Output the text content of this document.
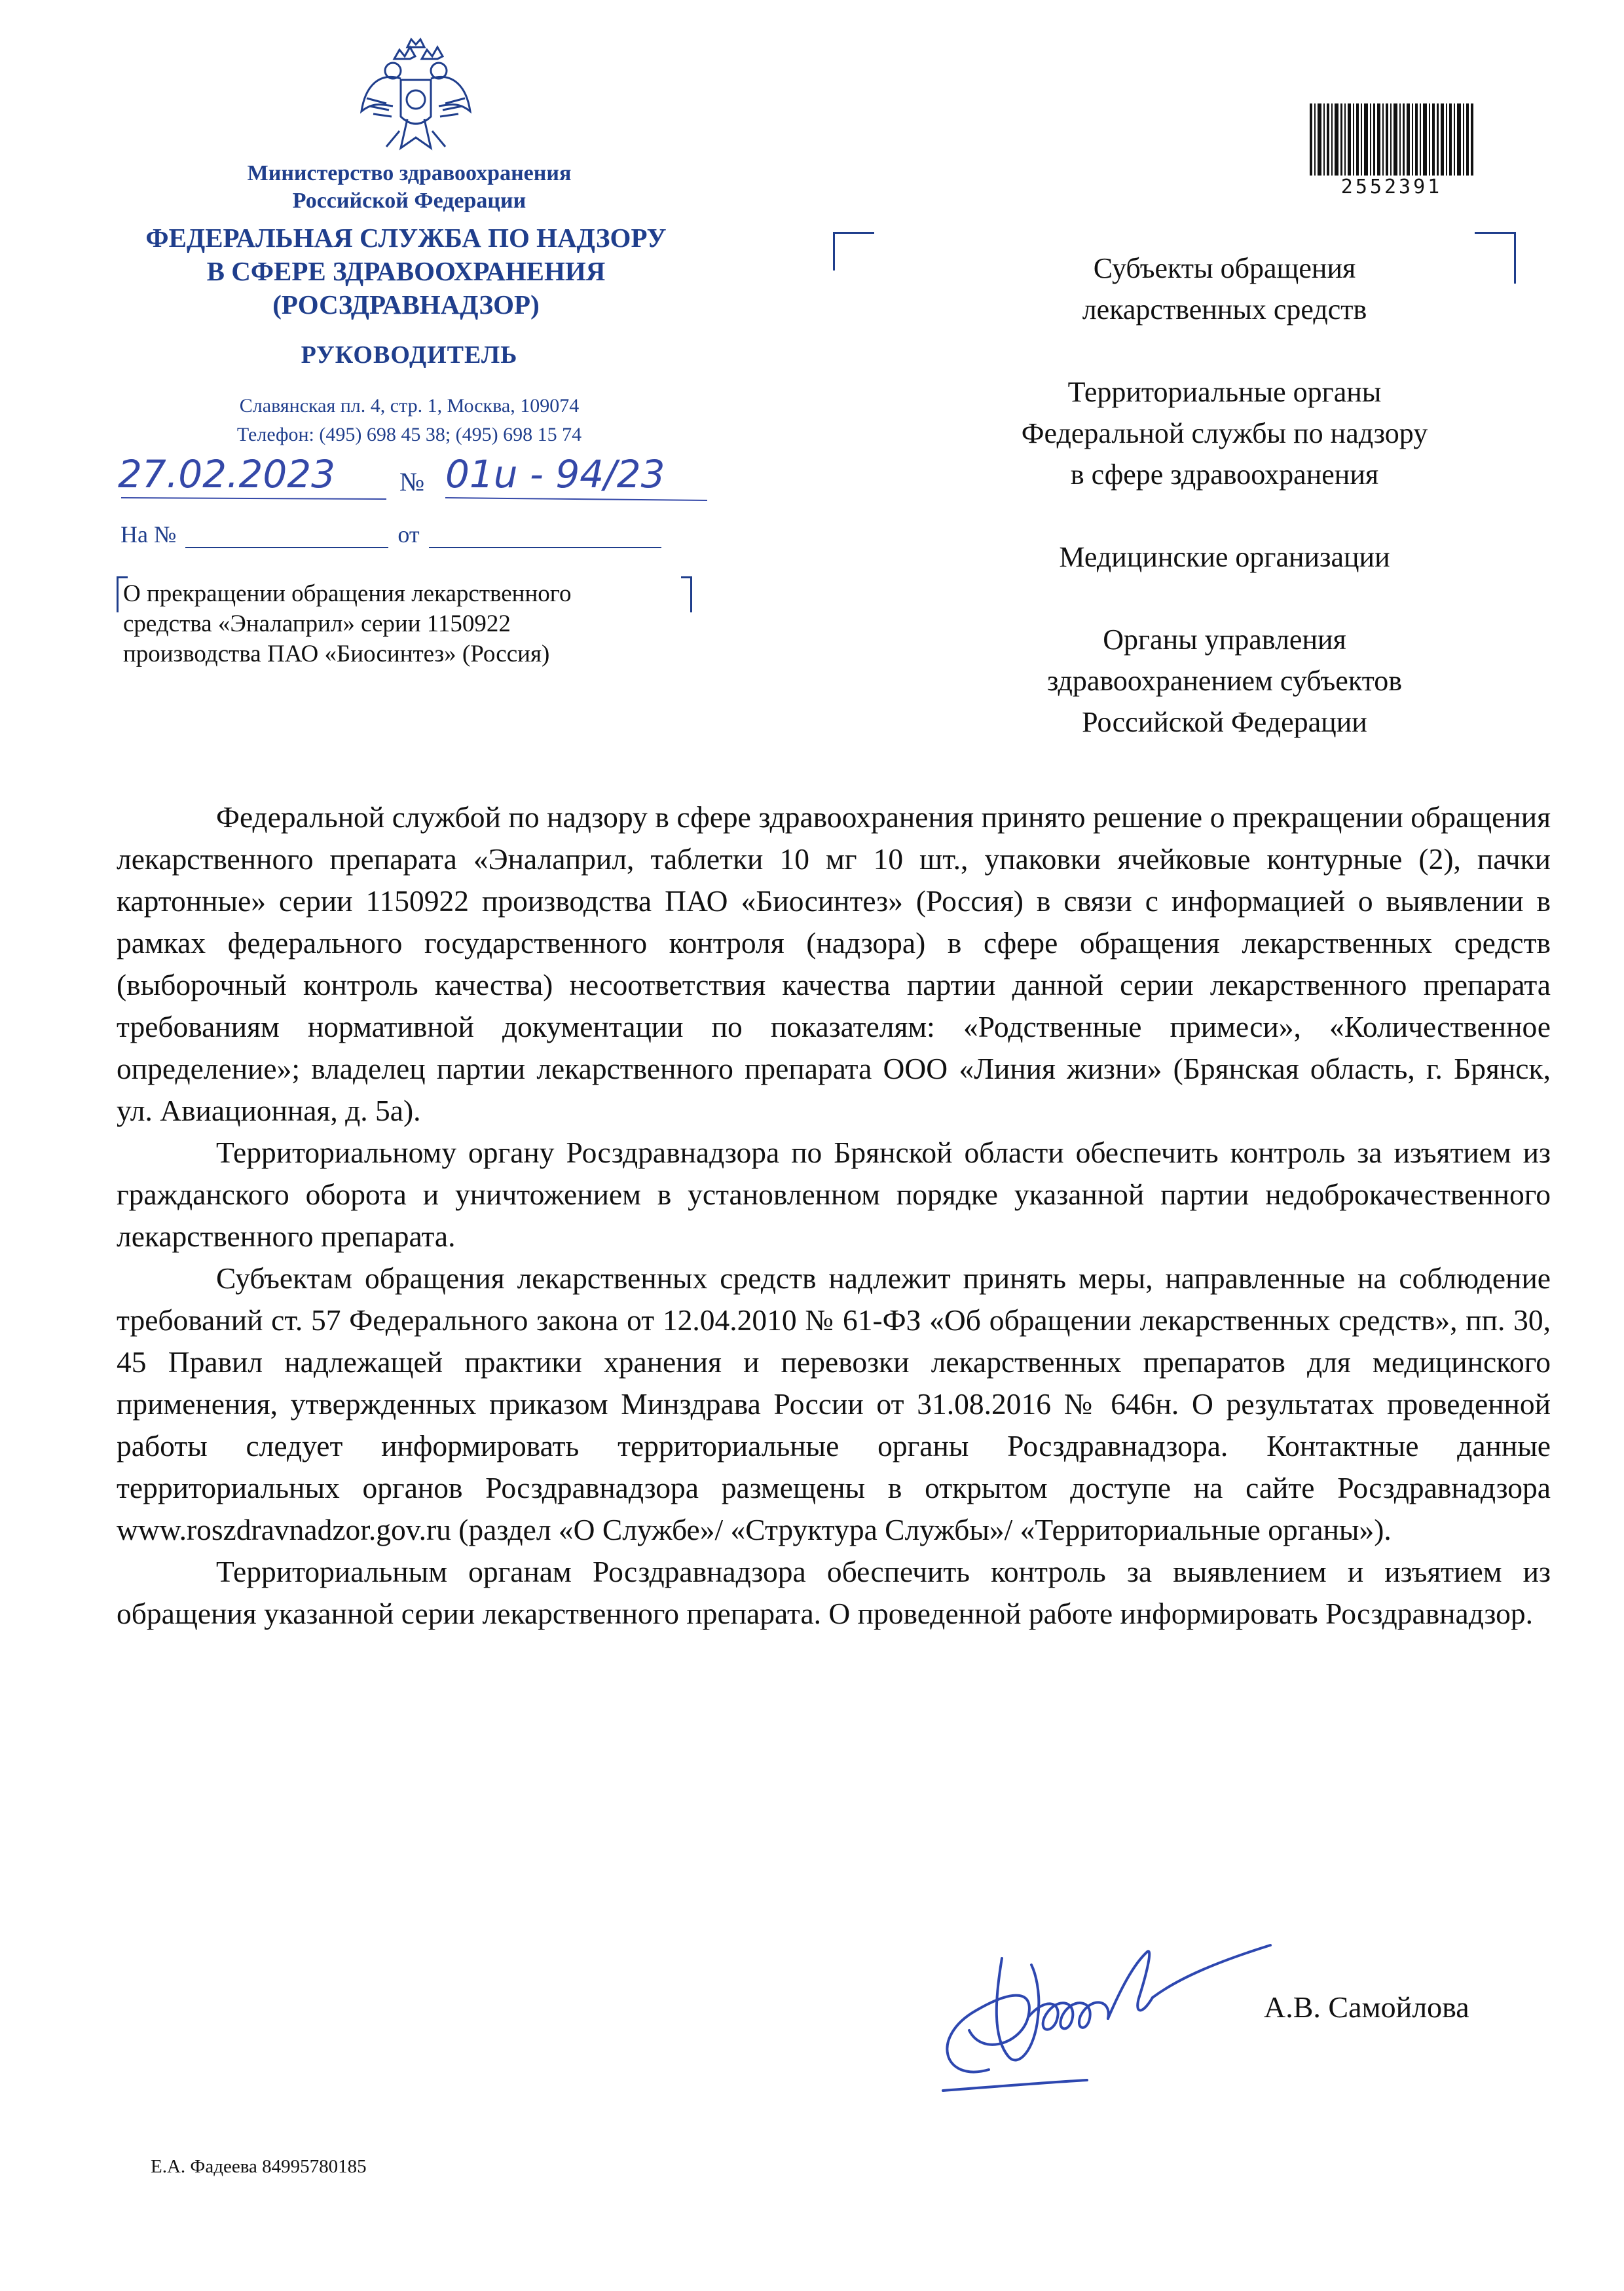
Министерство здравоохранения
Российской Федерации
ФЕДЕРАЛЬНАЯ СЛУЖБА ПО НАДЗОРУ
В СФЕРЕ ЗДРАВООХРАНЕНИЯ
(РОСЗДРАВНАДЗОР)
РУКОВОДИТЕЛЬ
Славянская пл. 4, стр. 1, Москва, 109074
Телефон: (495) 698 45 38; (495) 698 15 74
27.02.2023 № 01u - 94/23
На №	от
О прекращении обращения лекарственного
средства «Эналаприл» серии 1150922
производства ПАО «Биосинтез» (Россия)
2552391

Субъекты обращения
лекарственных средств

Территориальные органы
Федеральной службы по надзору
в сфере здравоохранения

Медицинские организации

Органы управления
здравоохранением субъектов
Российской Федерации

Федеральной службой по надзору в сфере здравоохранения принято решение о прекращении обращения лекарственного препарата «Эналаприл, таблетки 10 мг 10 шт., упаковки ячейковые контурные (2), пачки картонные» серии 1150922 производства ПАО «Биосинтез» (Россия) в связи с информацией о выявлении в рамках федерального государственного контроля (надзора) в сфере обращения лекарственных средств (выборочный контроль качества) несоответствия качества партии данной серии лекарственного препарата требованиям нормативной документации по показателям: «Родственные примеси», «Количественное определение»; владелец партии лекарственного препарата ООО «Линия жизни» (Брянская область, г. Брянск, ул. Авиационная, д. 5а).

Территориальному органу Росздравнадзора по Брянской области обеспечить контроль за изъятием из гражданского оборота и уничтожением в установленном порядке указанной партии недоброкачественного лекарственного препарата.

Субъектам обращения лекарственных средств надлежит принять меры, направленные на соблюдение требований ст. 57 Федерального закона от 12.04.2010 № 61-ФЗ «Об обращении лекарственных средств», пп. 30, 45 Правил надлежащей практики хранения и перевозки лекарственных препаратов для медицинского применения, утвержденных приказом Минздрава России от 31.08.2016 № 646н. О результатах проведенной работы следует информировать территориальные органы Росздравнадзора. Контактные данные территориальных органов Росздравнадзора размещены в открытом доступе на сайте Росздравнадзора www.roszdravnadzor.gov.ru (раздел «О Службе»/ «Структура Службы»/ «Территориальные органы»).

Территориальным органам Росздравнадзора обеспечить контроль за выявлением и изъятием из обращения указанной серии лекарственного препарата. О проведенной работе информировать Росздравнадзор.

А.В. Самойлова
Е.А. Фадеева 84995780185
